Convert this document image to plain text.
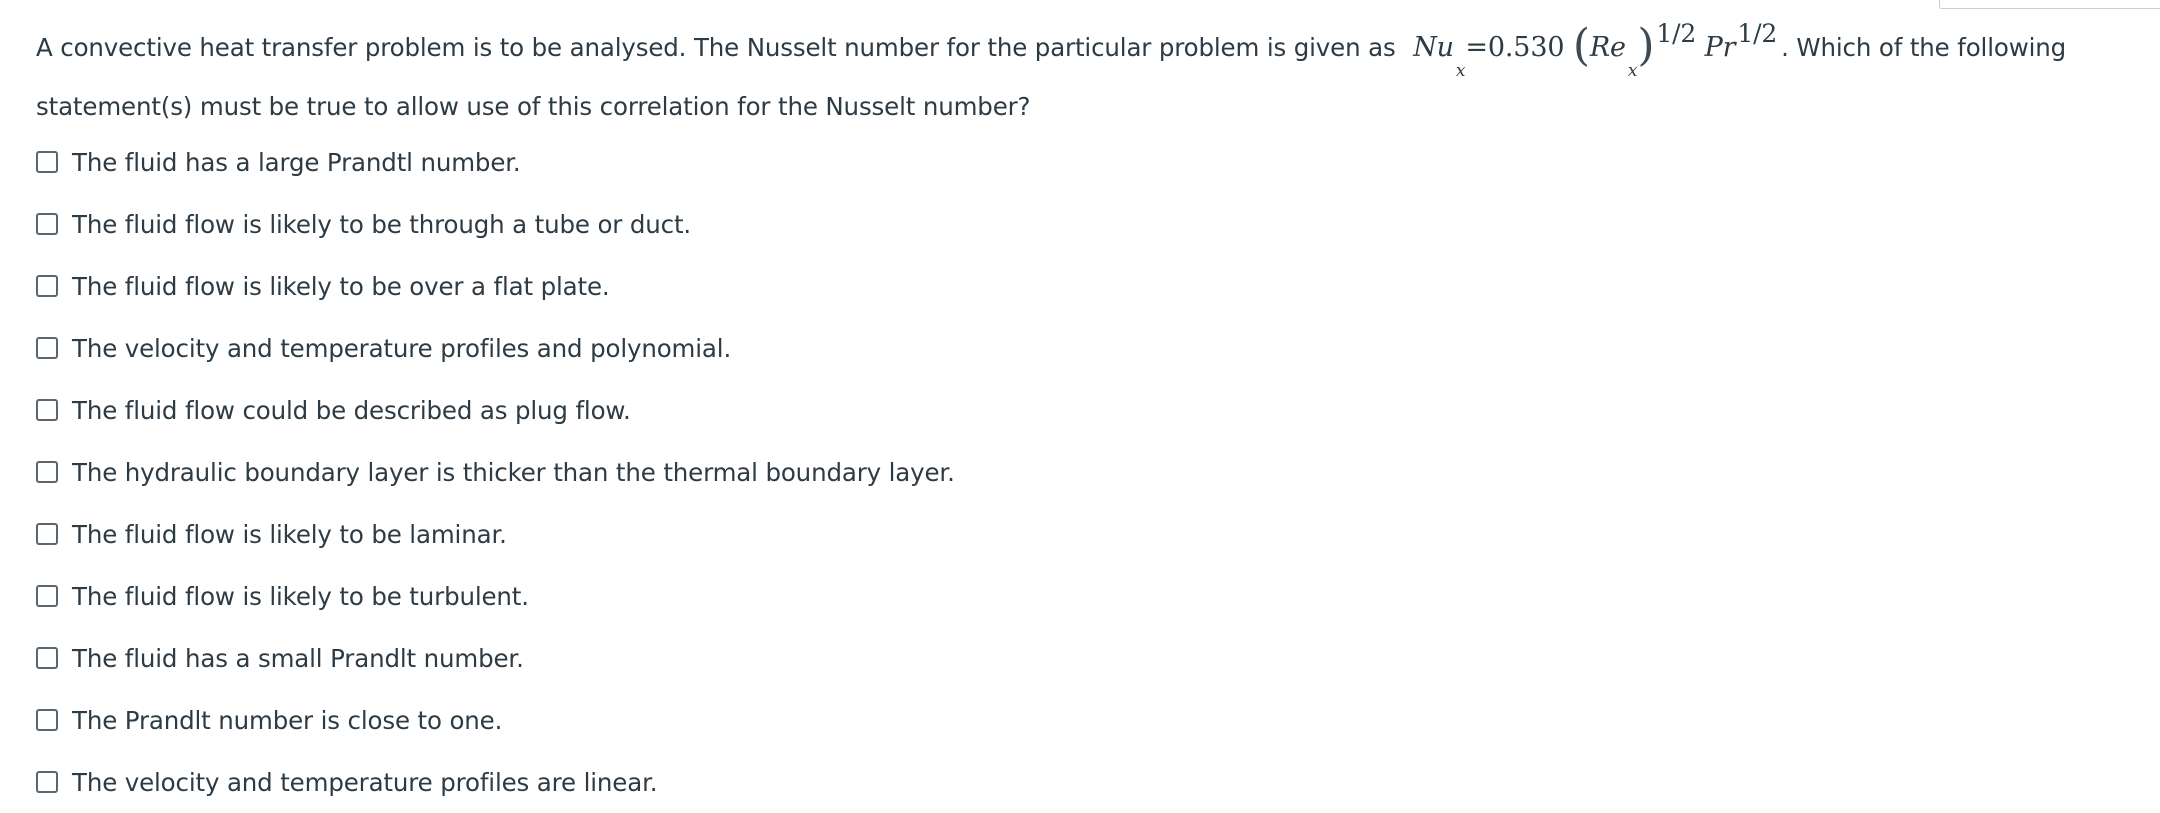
A convective heat transfer problem is to be analysed. The Nusselt number for the particular problem is given as $Nu_x=0.530$ $(Re_x)1/2$ Pr1/2 . Which of the following statement(s) must be true to allow use of this correlation for the Nusselt number?
The fluid has a large Prandtl number.
The fluid flow is likely to be through a tube or duct.
The fluid flow is likely to be over a flat plate.
The velocity and temperature profiles and polynomial.
The fluid flow could be described as plug flow.
The hydraulic boundary layer is thicker than the thermal boundary layer.
The fluid flow is likely to be laminar.
The fluid flow is likely to be turbulent.
The fluid has a small Prandlt number.
The Prandlt number is close to one.
The velocity and temperature profiles are linear.
